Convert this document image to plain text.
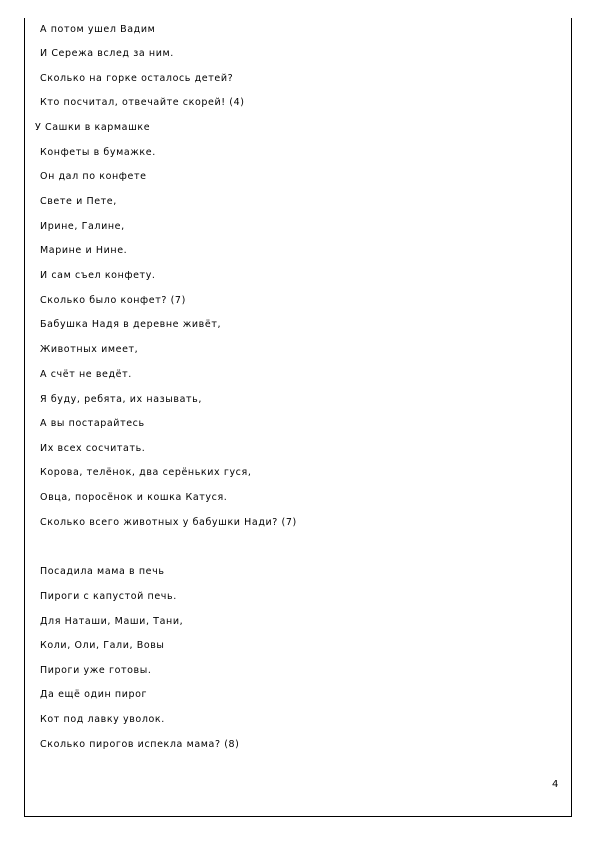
А потом ушел Вадим
И Сережа вслед за ним.
Сколько на горке осталось детей?
Кто посчитал, отвечайте скорей! (4)
У Сашки в кармашке
Конфеты в бумажке.
Он дал по конфете
Свете и Пете,
Ирине, Галине,
Марине и Нине.
И сам съел конфету.
Сколько было конфет? (7)
Бабушка Надя в деревне живёт,
Животных имеет,
А счёт не ведёт.
Я буду, ребята, их называть,
А вы постарайтесь
Их всех сосчитать.
Корова, телёнок, два серёньких гуся,
Овца, поросёнок и кошка Катуся.
Сколько всего животных у бабушки Нади? (7)
Посадила мама в печь
Пироги с капустой печь.
Для Наташи, Маши, Тани,
Коли, Оли, Гали, Вовы
Пироги уже готовы.
Да ещё один пирог
Кот под лавку уволок.
Сколько пирогов испекла мама? (8)
4
